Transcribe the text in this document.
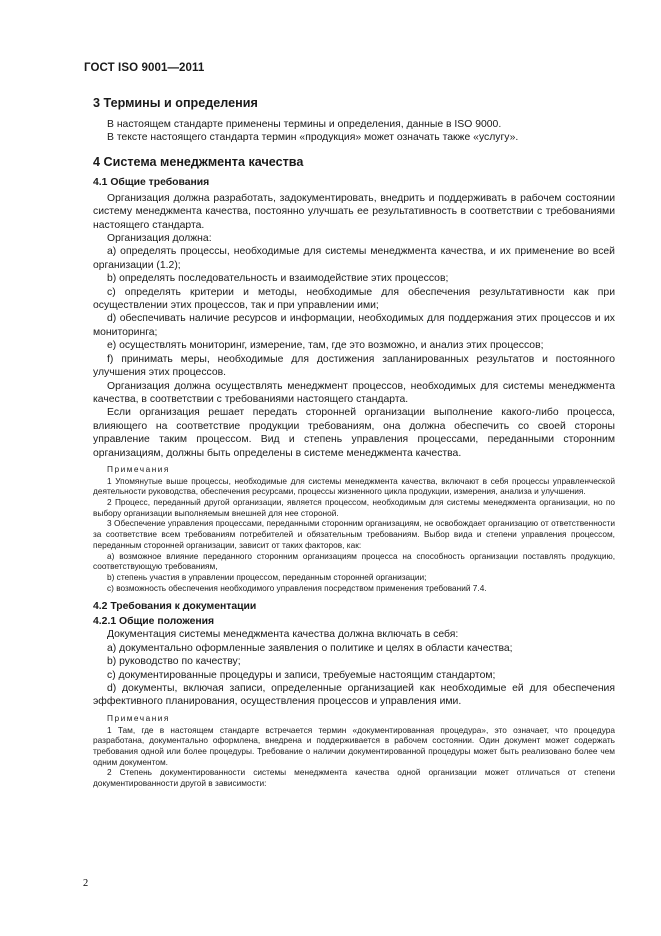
ГОСТ ISO 9001—2011
3 Термины и определения

В настоящем стандарте применены термины и определения, данные в ISO 9000.

В тексте настоящего стандарта термин «продукция» может означать также «услугу».

4 Система менеджмента качества
4.1 Общие требования

Организация должна разработать, задокументировать, внедрить и поддерживать в рабочем состоянии систему менеджмента качества, постоянно улучшать ее результативность в соответствии с требованиями настоящего стандарта.

Организация должна:

а) определять процессы, необходимые для системы менеджмента качества, и их применение во всей организации (1.2);

b) определять последовательность и взаимодействие этих процессов;

c) определять критерии и методы, необходимые для обеспечения результативности как при осуществлении этих процессов, так и при управлении ими;

d) обеспечивать наличие ресурсов и информации, необходимых для поддержания этих процессов и их мониторинга;

e) осуществлять мониторинг, измерение, там, где это возможно, и анализ этих процессов;

f) принимать меры, необходимые для достижения запланированных результатов и постоянного улучшения этих процессов.

Организация должна осуществлять менеджмент процессов, необходимых для системы менеджмента качества, в соответствии с требованиями настоящего стандарта.

Если организация решает передать сторонней организации выполнение какого-либо процесса, влияющего на соответствие продукции требованиям, она должна обеспечить со своей стороны управление таким процессом. Вид и степень управления процессами, переданными сторонним организациям, должны быть определены в системе менеджмента качества.

Примечания

1 Упомянутые выше процессы, необходимые для системы менеджмента качества, включают в себя процессы управленческой деятельности руководства, обеспечения ресурсами, процессы жизненного цикла продукции, измерения, анализа и улучшения.

2 Процесс, переданный другой организации, является процессом, необходимым для системы менеджмента организации, но по выбору организации выполняемым внешней для нее стороной.

3 Обеспечение управления процессами, переданными сторонним организациям, не освобождает организацию от ответственности за соответствие всем требованиям потребителей и обязательным требованиям. Выбор вида и степени управления процессом, переданным сторонней организации, зависит от таких факторов, как:

а) возможное влияние переданного сторонним организациям процесса на способность организации поставлять продукцию, соответствующую требованиям,

b) степень участия в управлении процессом, переданным сторонней организации;

c) возможность обеспечения необходимого управления посредством применения требований 7.4.

4.2 Требования к документации
4.2.1 Общие положения

Документация системы менеджмента качества должна включать в себя:

а) документально оформленные заявления о политике и целях в области качества;

b) руководство по качеству;

c) документированные процедуры и записи, требуемые настоящим стандартом;

d) документы, включая записи, определенные организацией как необходимые ей для обеспечения эффективного планирования, осуществления процессов и управления ими.

Примечания

1 Там, где в настоящем стандарте встречается термин «документированная процедура», это означает, что процедура разработана, документально оформлена, внедрена и поддерживается в рабочем состоянии. Один документ может содержать требования одной или более процедуры. Требование о наличии документированной процедуры может быть реализовано более чем одним документом.

2 Степень документированности системы менеджмента качества одной организации может отличаться от степени документированности другой в зависимости:

2
